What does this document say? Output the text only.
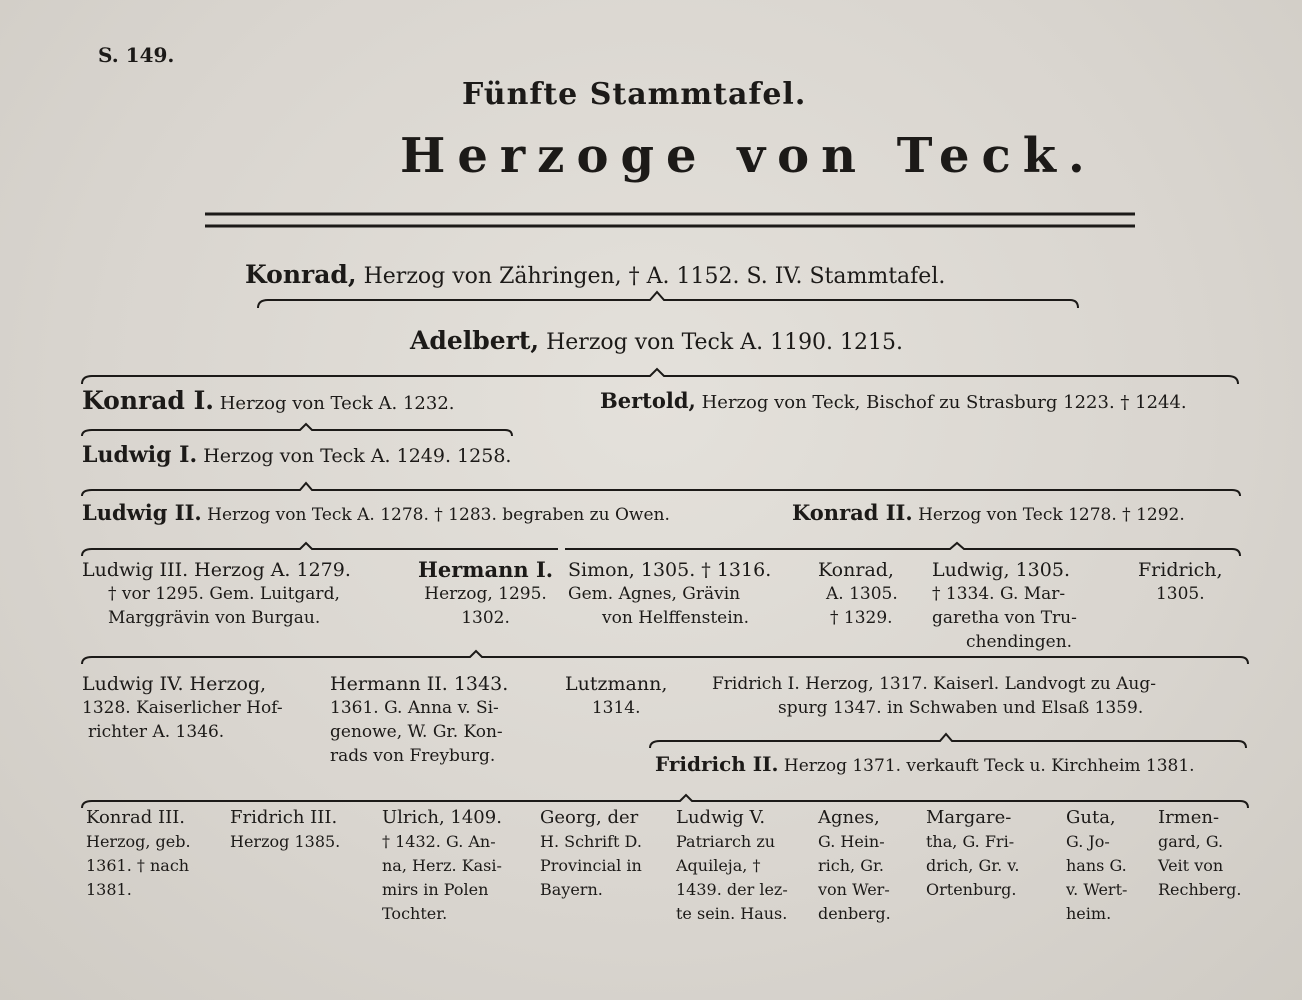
S. 149.
Fünfte Stammtafel.
Herzoge von Teck.
Konrad, Herzog von Zähringen, † A. 1152. S. IV. Stammtafel.
Adelbert, Herzog von Teck A. 1190. 1215.
Konrad I. Herzog von Teck A. 1232.	Bertold, Herzog von Teck, Bischof zu Strasburg 1223. † 1244.
Ludwig I. Herzog von Teck A. 1249. 1258.
Ludwig II. Herzog von Teck A. 1278. † 1283. begraben zu Owen.	Konrad II. Herzog von Teck 1278. † 1292.
Ludwig III. Herzog A. 1279.
† vor 1295. Gem. Luitgard,
Marggrävin von Burgau.
Hermann I.
Herzog, 1295.
1302.
Simon, 1305. † 1316.
Gem. Agnes, Grävin
von Helffenstein.
Konrad,
A. 1305.
† 1329.
Ludwig, 1305.
† 1334. G. Mar-
garetha von Tru-
chendingen.
Fridrich,
1305.
Ludwig IV. Herzog,
1328. Kaiserlicher Hof-
richter A. 1346.
Hermann II. 1343.
1361. G. Anna v. Si-
genowe, W. Gr. Kon-
rads von Freyburg.
Lutzmann,
1314.
Fridrich I. Herzog, 1317. Kaiserl. Landvogt zu Aug-
spurg 1347. in Schwaben und Elsaß 1359.
Fridrich II. Herzog 1371. verkauft Teck u. Kirchheim 1381.
Konrad III.
Herzog, geb.
1361. † nach
1381.
Fridrich III.
Herzog 1385.
Ulrich, 1409.
† 1432. G. An-
na, Herz. Kasi-
mirs in Polen
Tochter.
Georg, der
H. Schrift D.
Provincial in
Bayern.
Ludwig V.
Patriarch zu
Aquileja, †
1439. der lez-
te sein. Haus.
Agnes,
G. Hein-
rich, Gr.
von Wer-
denberg.
Margare-
tha, G. Fri-
drich, Gr. v.
Ortenburg.
Guta,
G. Jo-
hans G.
v. Wert-
heim.
Irmen-
gard, G.
Veit von
Rechberg.
